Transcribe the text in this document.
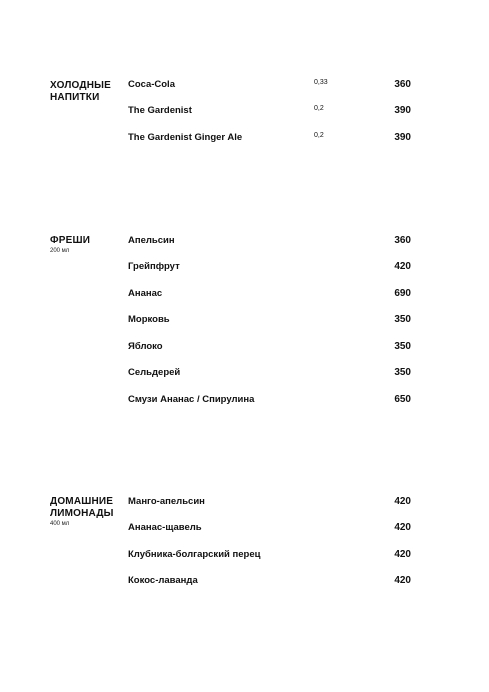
ХОЛОДНЫЕ
НАПИТКИ
Coca-Cola	0,33	360
The Gardenist	0,2	390
The Gardenist Ginger Ale	0,2	390
ФРЕШИ
200 мл
Апельсин	360
Грейпфрут	420
Ананас	690
Морковь	350
Яблоко	350
Сельдерей	350
Смузи Ананас / Спирулина	650
ДОМАШНИЕ
ЛИМОНАДЫ
400 мл
Манго-апельсин	420
Ананас-щавель	420
Клубника-болгарский перец	420
Кокос-лаванда	420
